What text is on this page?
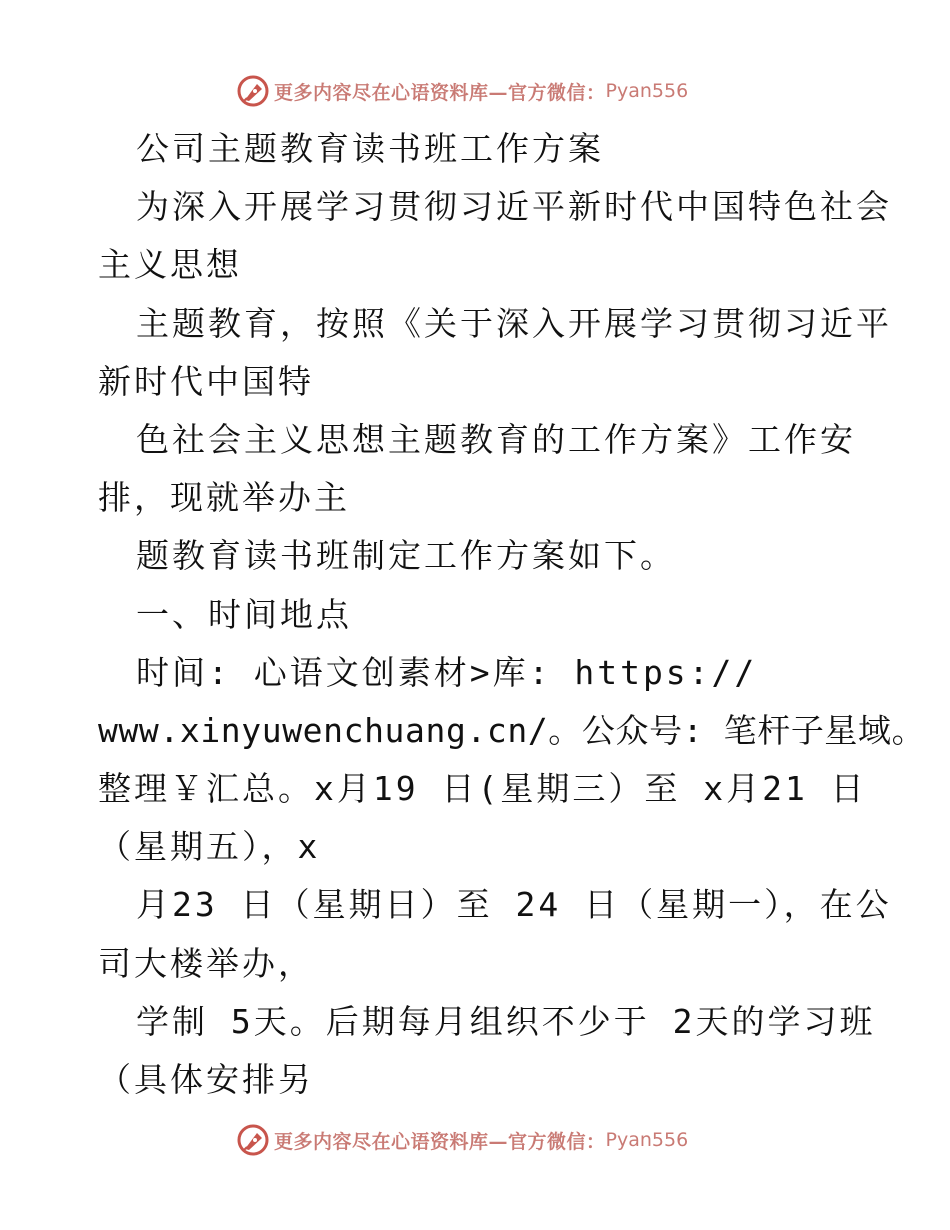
更多内容尽在心语资料库—官方微信： Pyan556
公司主题教育读书班工作方案
为深入开展学习贯彻习近平新时代中国特色社会
主义思想
主题教育，按照《关于深入开展学习贯彻习近平
新时代中国特
色社会主义思想主题教育的工作方案》工作安
排，现就举办主
题教育读书班制定工作方案如下。
一、时间地点
时间: 心语文创素材>库: https://
www.xinyuwenchuang.cn/。公众号: 笔杆子星域。
整理￥汇总。x月19 日(星期三）至 x月21 日
（星期五），x
月23 日（星期日）至 24 日（星期一），在公
司大楼举办，
学制 5天。后期每月组织不少于 2天的学习班
（具体安排另
更多内容尽在心语资料库—官方微信： Pyan556
